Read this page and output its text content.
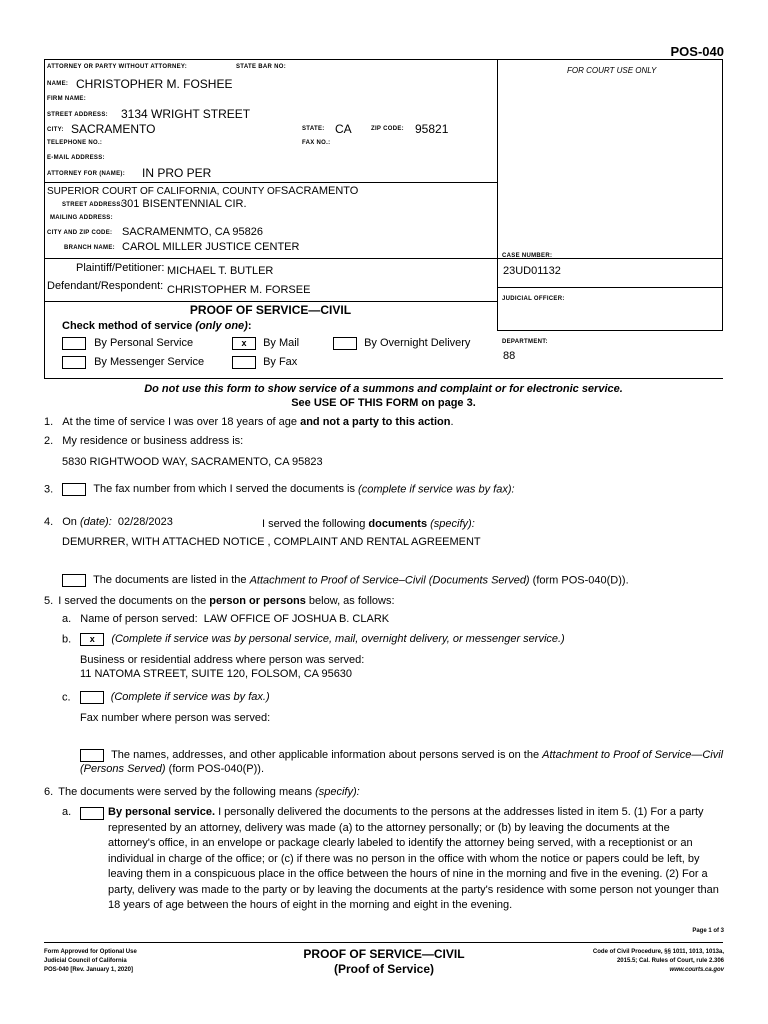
POS-040
ATTORNEY OR PARTY WITHOUT ATTORNEY:	STATE BAR NO:
NAME: CHRISTOPHER M. FOSHEE
FIRM NAME:
STREET ADDRESS: 3134 WRIGHT STREET
CITY: SACRAMENTO	STATE: CA	ZIP CODE: 95821
TELEPHONE NO.:	FAX NO.:
E-MAIL ADDRESS:
ATTORNEY FOR (NAME): IN PRO PER
FOR COURT USE ONLY
SUPERIOR COURT OF CALIFORNIA, COUNTY OFSACRAMENTO
STREET ADDRESS:
301 BISENTENNIAL CIR.
MAILING ADDRESS:
CITY AND ZIP CODE: SACRAMENMTO, CA 95826
BRANCH NAME: CAROL MILLER JUSTICE CENTER
Plaintiff/Petitioner: MICHAEL T. BUTLER
Defendant/Respondent: CHRISTOPHER M. FORSEE
CASE NUMBER:
23UD01132
JUDICIAL OFFICER:
DEPARTMENT:
88
PROOF OF SERVICE—CIVIL
Check method of service (only one):
By Personal Service	x By Mail	By Overnight Delivery
By Messenger Service	By Fax
Do not use this form to show service of a summons and complaint or for electronic service.
See USE OF THIS FORM on page 3.
1. At the time of service I was over 18 years of age and not a party to this action.
2. My residence or business address is:
5830 RIGHTWOOD WAY, SACRAMENTO, CA 95823
3.	The fax number from which I served the documents is (complete if service was by fax):
4. On (date): 02/28/2023	I served the following documents (specify):
DEMURRER, WITH ATTACHED NOTICE , COMPLAINT AND RENTAL AGREEMENT
The documents are listed in the Attachment to Proof of Service–Civil (Documents Served) (form POS-040(D)).
5. I served the documents on the person or persons below, as follows:
a. Name of person served: LAW OFFICE OF JOSHUA B. CLARK
b. x (Complete if service was by personal service, mail, overnight delivery, or messenger service.)
Business or residential address where person was served:
11 NATOMA STREET, SUITE 120, FOLSOM, CA 95630
c.	(Complete if service was by fax.)
Fax number where person was served:
The names, addresses, and other applicable information about persons served is on the Attachment to Proof of Service—Civil (Persons Served) (form POS-040(P)).
6. The documents were served by the following means (specify):
a.	By personal service. I personally delivered the documents to the persons at the addresses listed in item 5. (1) For a party represented by an attorney, delivery was made (a) to the attorney personally; or (b) by leaving the documents at the attorney's office, in an envelope or package clearly labeled to identify the attorney being served, with a receptionist or an individual in charge of the office; or (c) if there was no person in the office with whom the notice or papers could be left, by leaving them in a conspicuous place in the office between the hours of nine in the morning and five in the evening. (2) For a party, delivery was made to the party or by leaving the documents at the party's residence with some person not younger than 18 years of age between the hours of eight in the morning and eight in the evening.
Page 1 of 3
Form Approved for Optional Use
Judicial Council of California
POS-040 [Rev. January 1, 2020]
PROOF OF SERVICE—CIVIL
(Proof of Service)
Code of Civil Procedure, §§ 1011, 1013, 1013a,
2015.5; Cal. Rules of Court, rule 2.306
www.courts.ca.gov
